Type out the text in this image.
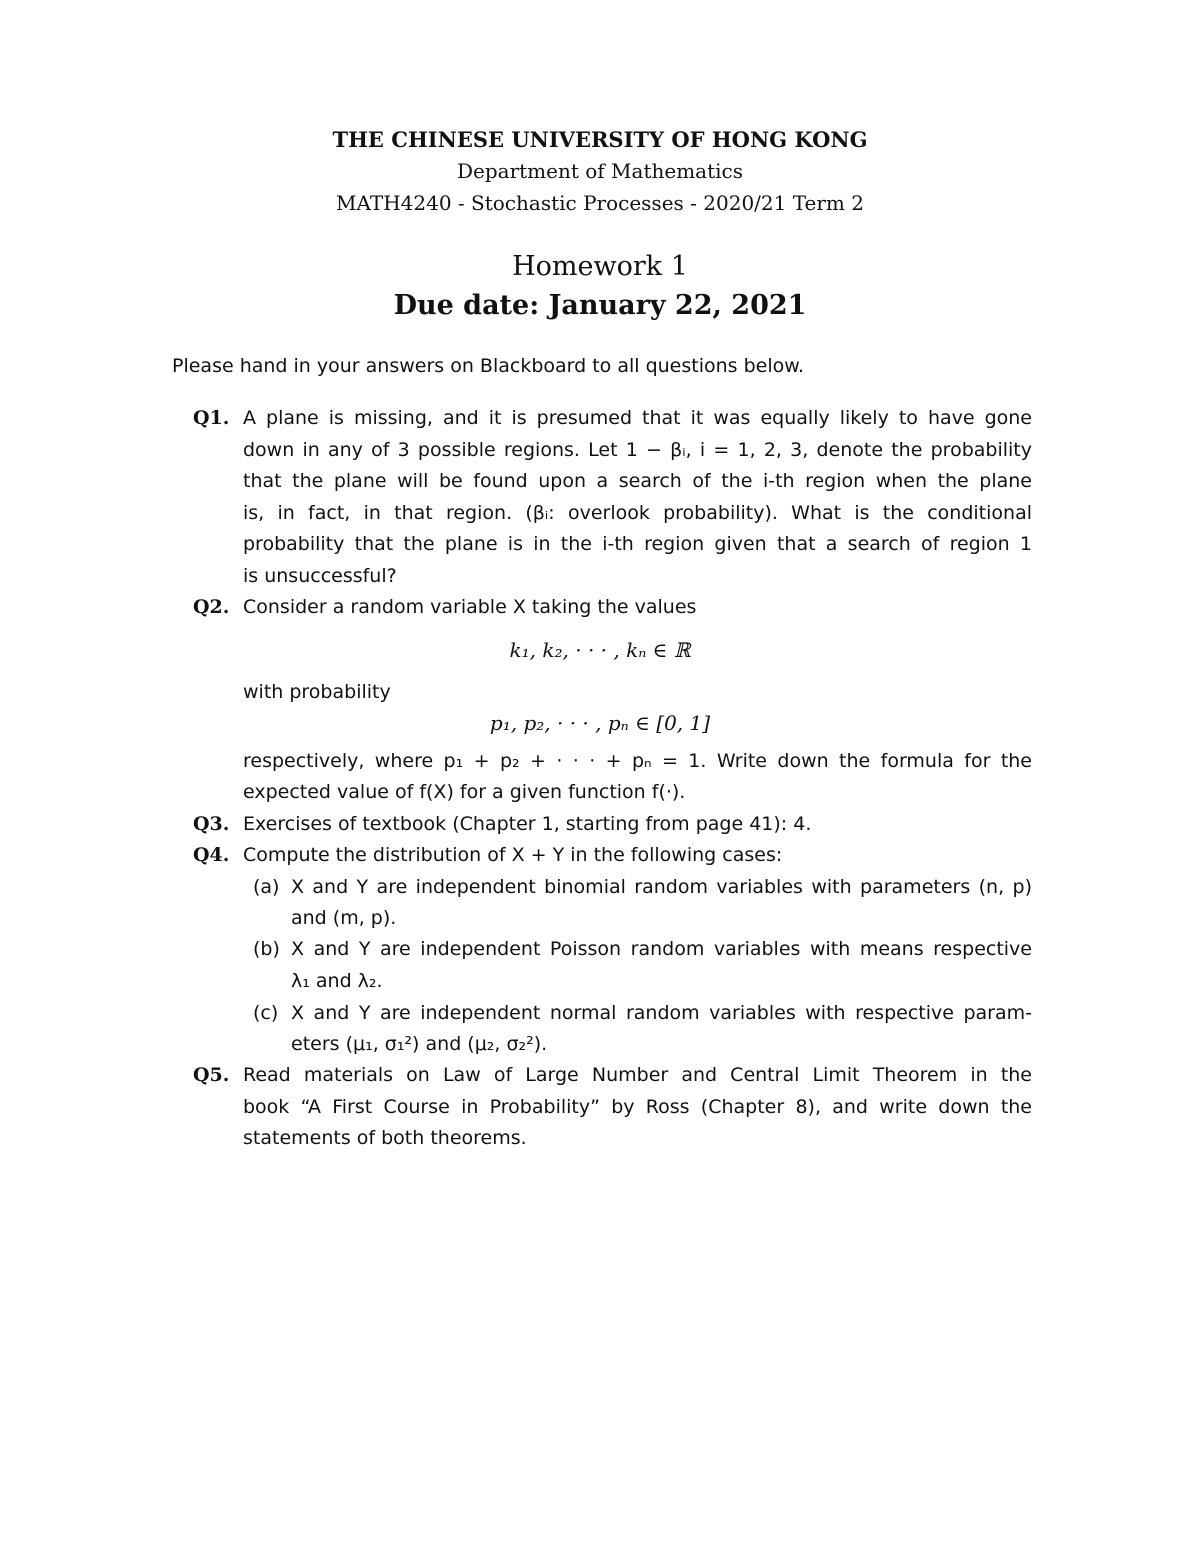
THE CHINESE UNIVERSITY OF HONG KONG
Department of Mathematics
MATH4240 - Stochastic Processes - 2020/21 Term 2
Homework 1
Due date: January 22, 2021
Please hand in your answers on Blackboard to all questions below.
Q1. A plane is missing, and it is presumed that it was equally likely to have gone
down in any of 3 possible regions. Let 1 − βᵢ, i = 1, 2, 3, denote the probability
that the plane will be found upon a search of the i-th region when the plane
is, in fact, in that region. (βᵢ: overlook probability). What is the conditional
probability that the plane is in the i-th region given that a search of region 1
is unsuccessful?
Q2. Consider a random variable X taking the values
k₁, k₂, · · · , kₙ ∈ ℝ
with probability
p₁, p₂, · · · , pₙ ∈ [0, 1]
respectively, where p₁ + p₂ + · · · + pₙ = 1. Write down the formula for the
expected value of f(X) for a given function f(·).
Q3. Exercises of textbook (Chapter 1, starting from page 41): 4.
Q4. Compute the distribution of X + Y in the following cases:
(a) X and Y are independent binomial random variables with parameters (n, p)
and (m, p).
(b) X and Y are independent Poisson random variables with means respective
λ₁ and λ₂.
(c) X and Y are independent normal random variables with respective param-
eters (μ₁, σ₁²) and (μ₂, σ₂²).
Q5. Read materials on Law of Large Number and Central Limit Theorem in the
book “A First Course in Probability” by Ross (Chapter 8), and write down the
statements of both theorems.
